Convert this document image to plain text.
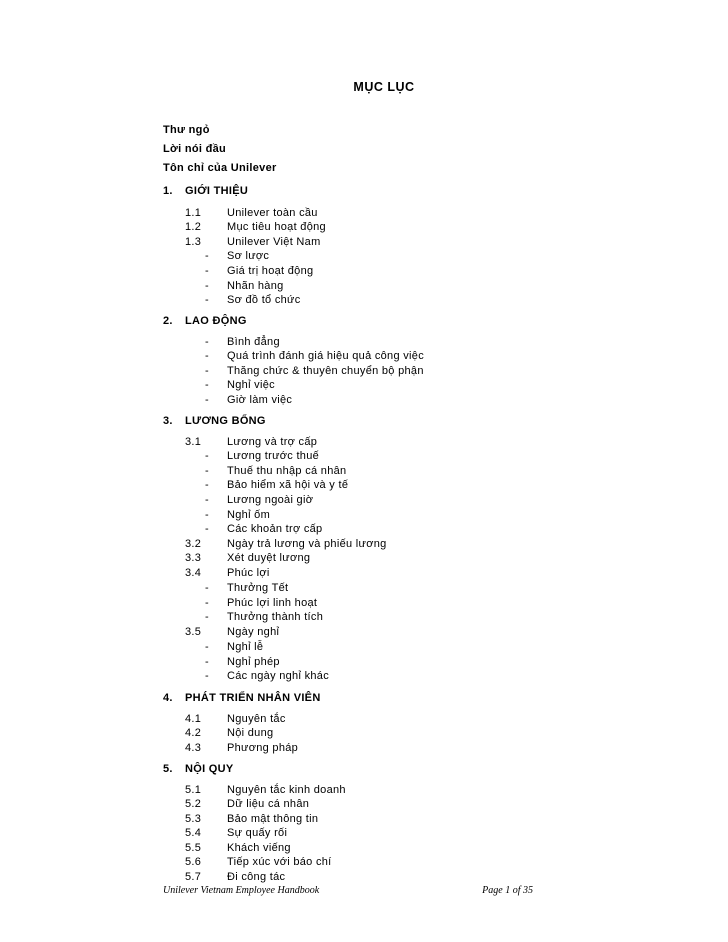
MỤC LỤC
Thư ngỏ
Lời nói đầu
Tôn chỉ của Unilever
1. GIỚI THIỆU
1.1 Unilever toàn cầu
1.2 Mục tiêu hoạt động
1.3 Unilever Việt Nam
- Sơ lược
- Giá trị hoạt động
- Nhãn hàng
- Sơ đồ tổ chức
2. LAO ĐỘNG
- Bình đẳng
- Quá trình đánh giá hiệu quả công việc
- Thăng chức & thuyên chuyển bộ phận
- Nghỉ việc
- Giờ làm việc
3. LƯƠNG BỔNG
3.1 Lương và trợ cấp
- Lương trước thuế
- Thuế thu nhập cá nhân
- Bảo hiểm xã hội và y tế
- Lương ngoài giờ
- Nghỉ ốm
- Các khoản trợ cấp
3.2 Ngày trả lương và phiếu lương
3.3 Xét duyệt lương
3.4 Phúc lợi
- Thưởng Tết
- Phúc lợi linh hoạt
- Thưởng thành tích
3.5 Ngày nghỉ
- Nghỉ lễ
- Nghỉ phép
- Các ngày nghỉ khác
4. PHÁT TRIỂN NHÂN VIÊN
4.1 Nguyên tắc
4.2 Nội dung
4.3 Phương pháp
5. NỘI QUY
5.1 Nguyên tắc kinh doanh
5.2 Dữ liệu cá nhân
5.3 Bảo mật thông tin
5.4 Sự quấy rối
5.5 Khách viếng
5.6 Tiếp xúc với báo chí
5.7 Đi công tác
Unilever Vietnam Employee Handbook	Page 1 of 35
